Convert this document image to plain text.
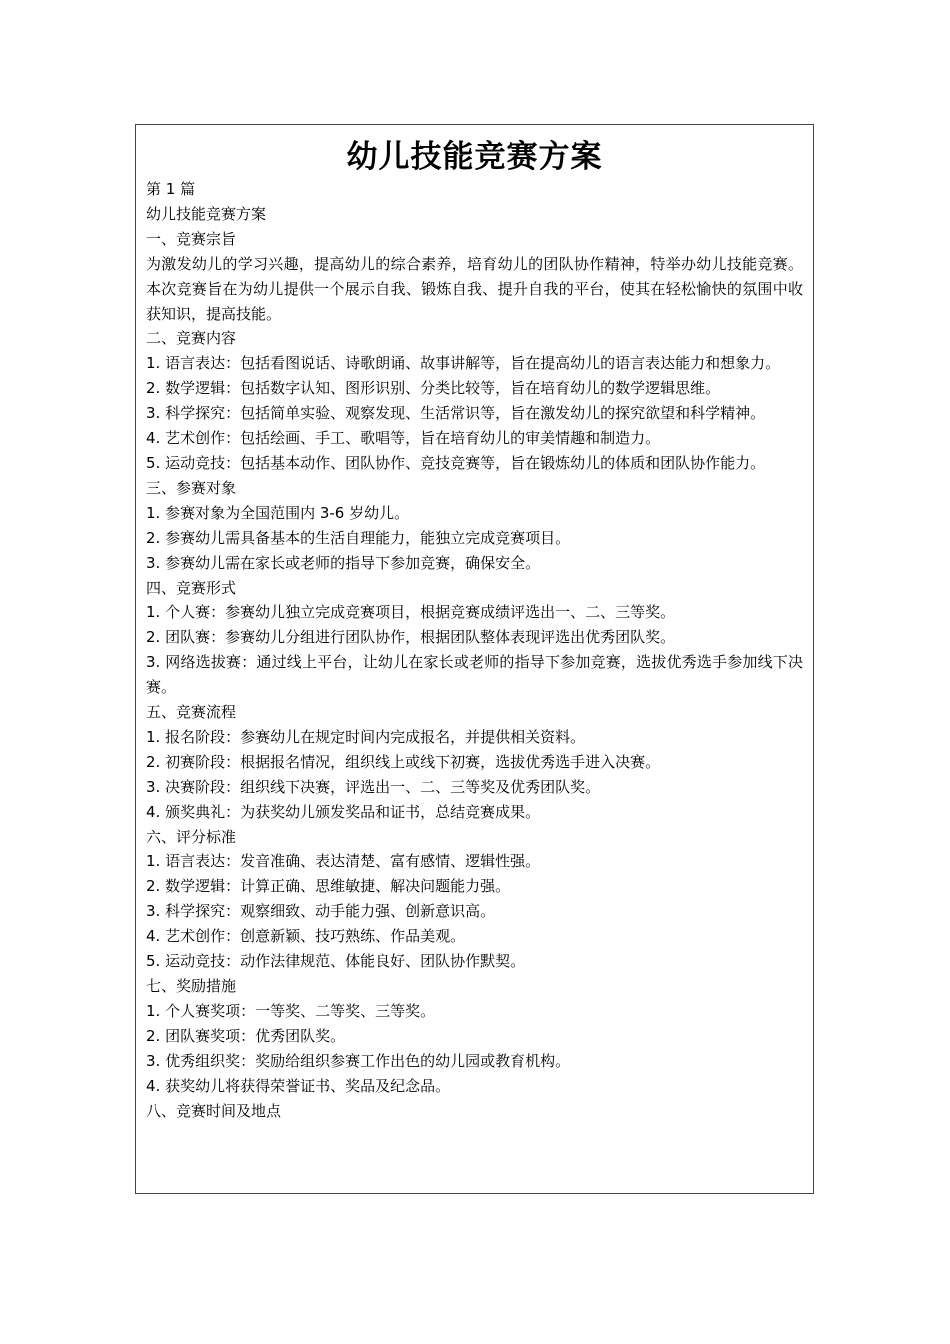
幼儿技能竞赛方案

第 1 篇

幼儿技能竞赛方案

一、竞赛宗旨

为激发幼儿的学习兴趣，提高幼儿的综合素养，培育幼儿的团队协作精神，特举办幼儿技能竞赛。本次竞赛旨在为幼儿提供一个展示自我、锻炼自我、提升自我的平台，使其在轻松愉快的氛围中收获知识，提高技能。

二、竞赛内容

1. 语言表达：包括看图说话、诗歌朗诵、故事讲解等，旨在提高幼儿的语言表达能力和想象力。

2. 数学逻辑：包括数字认知、图形识别、分类比较等，旨在培育幼儿的数学逻辑思维。

3. 科学探究：包括简单实验、观察发现、生活常识等，旨在激发幼儿的探究欲望和科学精神。

4. 艺术创作：包括绘画、手工、歌唱等，旨在培育幼儿的审美情趣和制造力。

5. 运动竞技：包括基本动作、团队协作、竞技竞赛等，旨在锻炼幼儿的体质和团队协作能力。

三、参赛对象

1. 参赛对象为全国范围内 3-6 岁幼儿。

2. 参赛幼儿需具备基本的生活自理能力，能独立完成竞赛项目。

3. 参赛幼儿需在家长或老师的指导下参加竞赛，确保安全。

四、竞赛形式

1. 个人赛：参赛幼儿独立完成竞赛项目，根据竞赛成绩评选出一、二、三等奖。

2. 团队赛：参赛幼儿分组进行团队协作，根据团队整体表现评选出优秀团队奖。

3. 网络选拔赛：通过线上平台，让幼儿在家长或老师的指导下参加竞赛，选拔优秀选手参加线下决赛。

五、竞赛流程

1. 报名阶段：参赛幼儿在规定时间内完成报名，并提供相关资料。

2. 初赛阶段：根据报名情况，组织线上或线下初赛，选拔优秀选手进入决赛。

3. 决赛阶段：组织线下决赛，评选出一、二、三等奖及优秀团队奖。

4. 颁奖典礼：为获奖幼儿颁发奖品和证书，总结竞赛成果。

六、评分标准

1. 语言表达：发音准确、表达清楚、富有感情、逻辑性强。

2. 数学逻辑：计算正确、思维敏捷、解决问题能力强。

3. 科学探究：观察细致、动手能力强、创新意识高。

4. 艺术创作：创意新颖、技巧熟练、作品美观。

5. 运动竞技：动作法律规范、体能良好、团队协作默契。

七、奖励措施

1. 个人赛奖项：一等奖、二等奖、三等奖。

2. 团队赛奖项：优秀团队奖。

3. 优秀组织奖：奖励给组织参赛工作出色的幼儿园或教育机构。

4. 获奖幼儿将获得荣誉证书、奖品及纪念品。

八、竞赛时间及地点
